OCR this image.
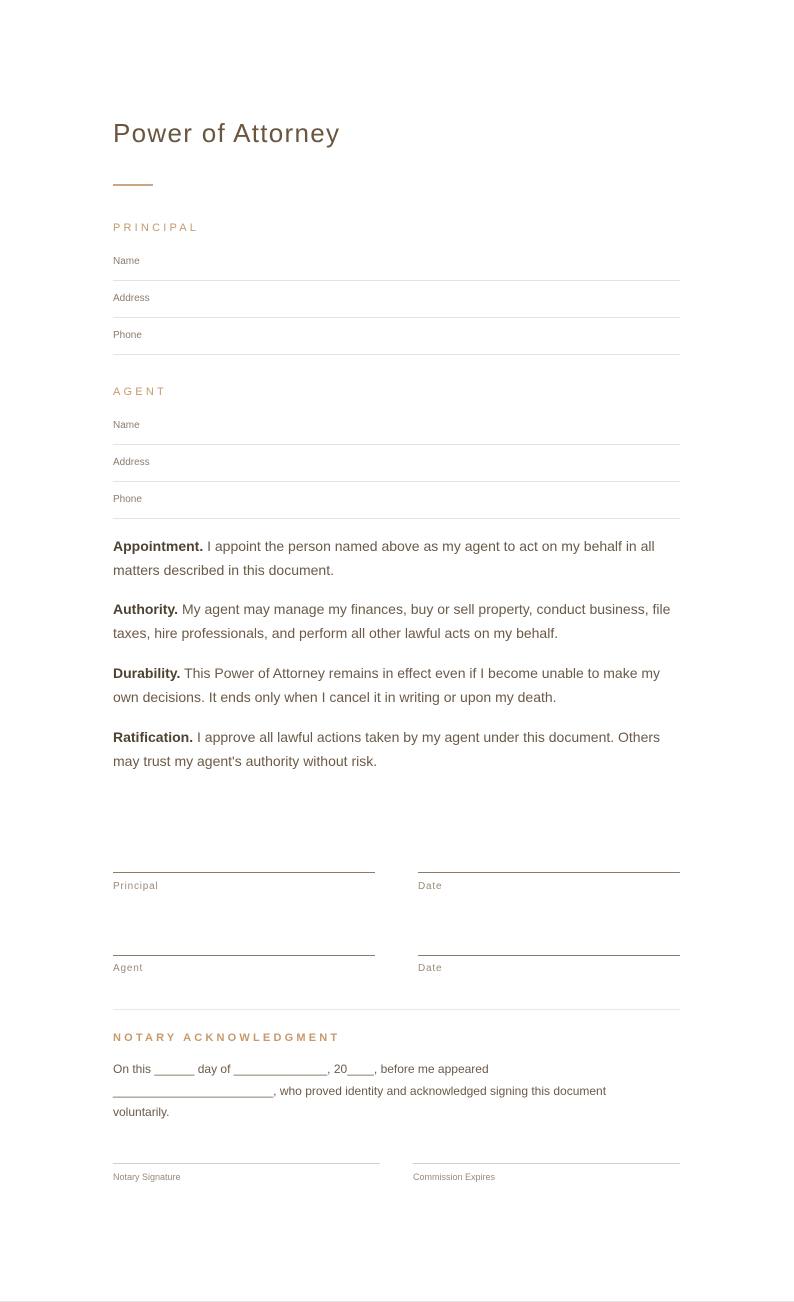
Power of Attorney
PRINCIPAL
Name
Address
Phone
AGENT
Name
Address
Phone

Appointment. I appoint the person named above as my agent to act on my behalf in all matters described in this document.

Authority. My agent may manage my finances, buy or sell property, conduct business, file taxes, hire professionals, and perform all other lawful acts on my behalf.

Durability. This Power of Attorney remains in effect even if I become unable to make my own decisions. It ends only when I cancel it in writing or upon my death.

Ratification. I approve all lawful actions taken by my agent under this document. Others may trust my agent's authority without risk.

Principal	Date
Agent	Date
NOTARY ACKNOWLEDGMENT

On this ______ day of ______________, 20____, before me appeared ________________________, who proved identity and acknowledged signing this document voluntarily.

Notary Signature	Commission Expires
